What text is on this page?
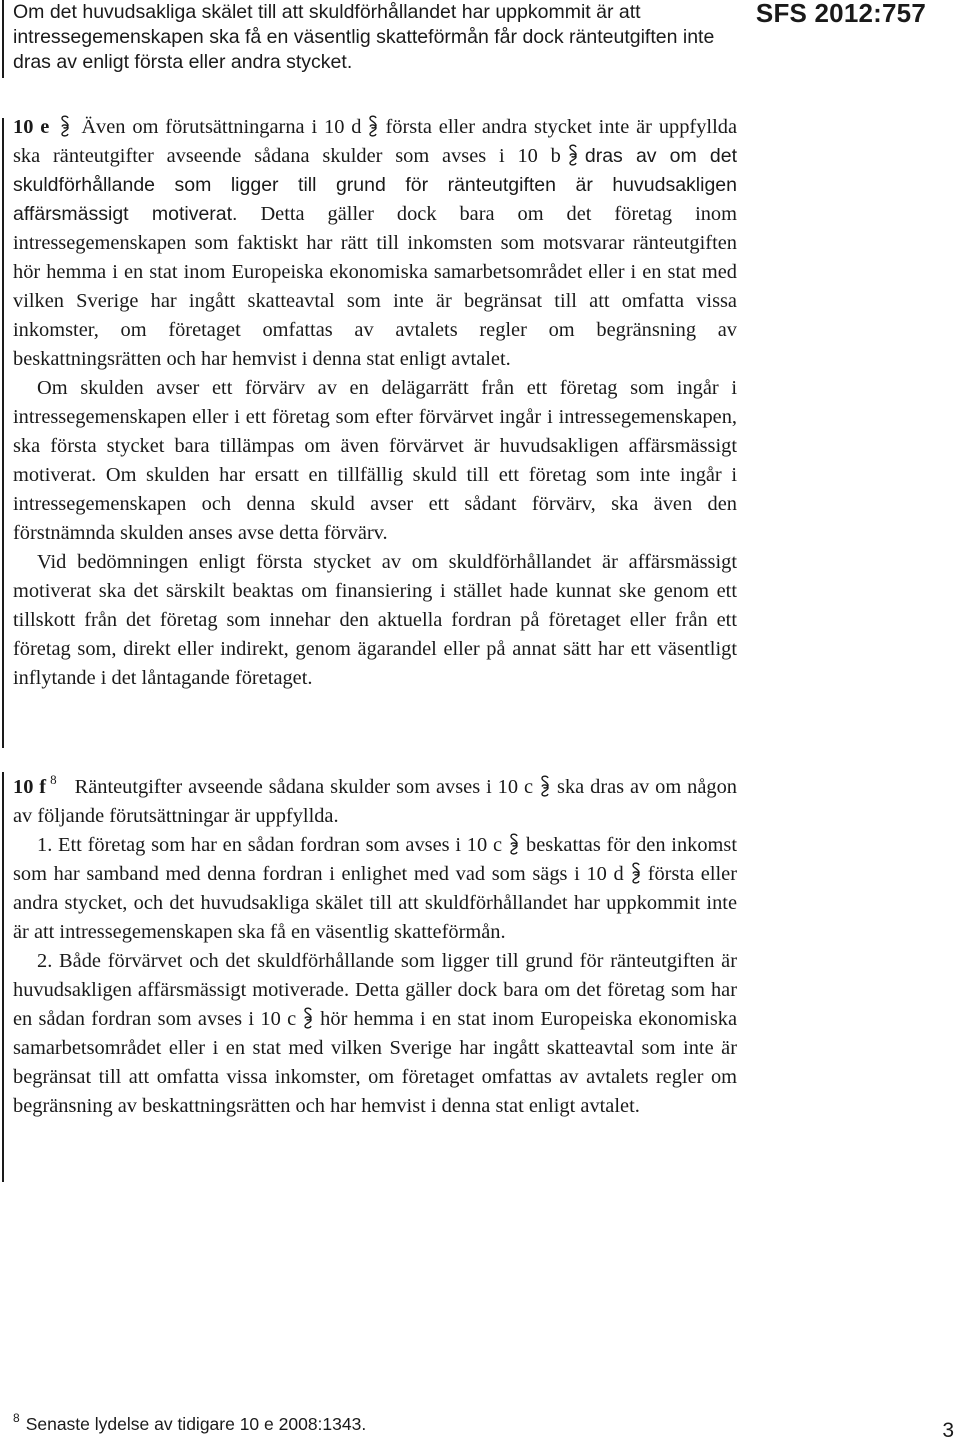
SFS 2012:757

Om det huvudsakliga skälet till att skuldförhållandet har uppkommit är att intressegemenskapen ska få en väsentlig skatteförmån får dock ränteutgiften inte dras av enligt första eller andra stycket.

10 e Även om förutsättningarna i 10 d första eller andra stycket inte är uppfyllda ska ränteutgifter avseende sådana skulder som avses i 10 b dras av om det skuldförhållande som ligger till grund för ränteutgiften är huvudsakligen affärsmässigt motiverat. Detta gäller dock bara om det företag inom intressegemenskapen som faktiskt har rätt till inkomsten som motsvarar ränteutgiften hör hemma i en stat inom Europeiska ekonomiska samarbetsområdet eller i en stat med vilken Sverige har ingått skatteavtal som inte är begränsat till att omfatta vissa inkomster, om företaget omfattas av avtalets regler om begränsning av beskattningsrätten och har hemvist i denna stat enligt avtalet.

Om skulden avser ett förvärv av en delägarrätt från ett företag som ingår i intressegemenskapen eller i ett företag som efter förvärvet ingår i intressegemenskapen, ska första stycket bara tillämpas om även förvärvet är huvudsakligen affärsmässigt motiverat. Om skulden har ersatt en tillfällig skuld till ett företag som inte ingår i intressegemenskapen och denna skuld avser ett sådant förvärv, ska även den förstnämnda skulden anses avse detta förvärv.

Vid bedömningen enligt första stycket av om skuldförhållandet är affärsmässigt motiverat ska det särskilt beaktas om finansiering i stället hade kunnat ske genom ett tillskott från det företag som innehar den aktuella fordran på företaget eller från ett företag som, direkt eller indirekt, genom ägarandel eller på annat sätt har ett väsentligt inflytande i det låntagande företaget.

10 f $^8$ Ränteutgifter avseende sådana skulder som avses i 10 c ska dras av om någon av följande förutsättningar är uppfyllda.

1. Ett företag som har en sådan fordran som avses i 10 c beskattas för den inkomst som har samband med denna fordran i enlighet med vad som sägs i 10 d första eller andra stycket, och det huvudsakliga skälet till att skuldförhållandet har uppkommit inte är att intressegemenskapen ska få en väsentlig skatteförmån.

2. Både förvärvet och det skuldförhållande som ligger till grund för ränteutgiften är huvudsakligen affärsmässigt motiverade. Detta gäller dock bara om det företag som har en sådan fordran som avses i 10 c hör hemma i en stat inom Europeiska ekonomiska samarbetsområdet eller i en stat med vilken Sverige har ingått skatteavtal som inte är begränsat till att omfatta vissa inkomster, om företaget omfattas av avtalets regler om begränsning av beskattningsrätten och har hemvist i denna stat enligt avtalet.

$^8$ Senaste lydelse av tidigare 10 e 2008:1343.	3
